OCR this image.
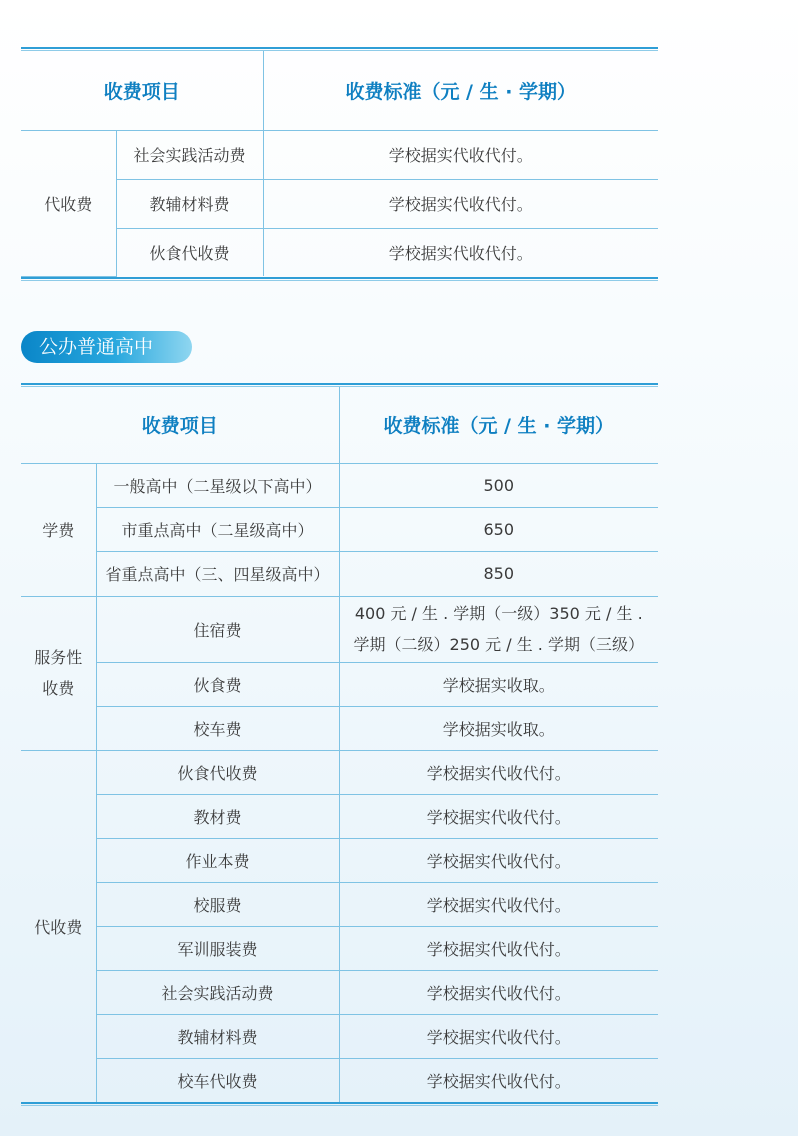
收费项目		收费标准（元 / 生 · 学期）
代收费	社会实践活动费	学校据实代收代付。
	教辅材料费	学校据实代收代付。
	伙食代收费	学校据实代收代付。
公办普通高中
收费项目		收费标准（元 / 生 · 学期）
学费	一般高中（二星级以下高中）	500
	市重点高中（二星级高中）	650
	省重点高中（三、四星级高中）	850
服务性收费	住宿费	400 元 / 生 . 学期（一级）350 元 / 生 . 学期（二级）250 元 / 生 . 学期（三级）
	伙食费	学校据实收取。
	校车费	学校据实收取。
代收费	伙食代收费	学校据实代收代付。
	教材费	学校据实代收代付。
	作业本费	学校据实代收代付。
	校服费	学校据实代收代付。
	军训服装费	学校据实代收代付。
	社会实践活动费	学校据实代收代付。
	教辅材料费	学校据实代收代付。
	校车代收费	学校据实代收代付。
